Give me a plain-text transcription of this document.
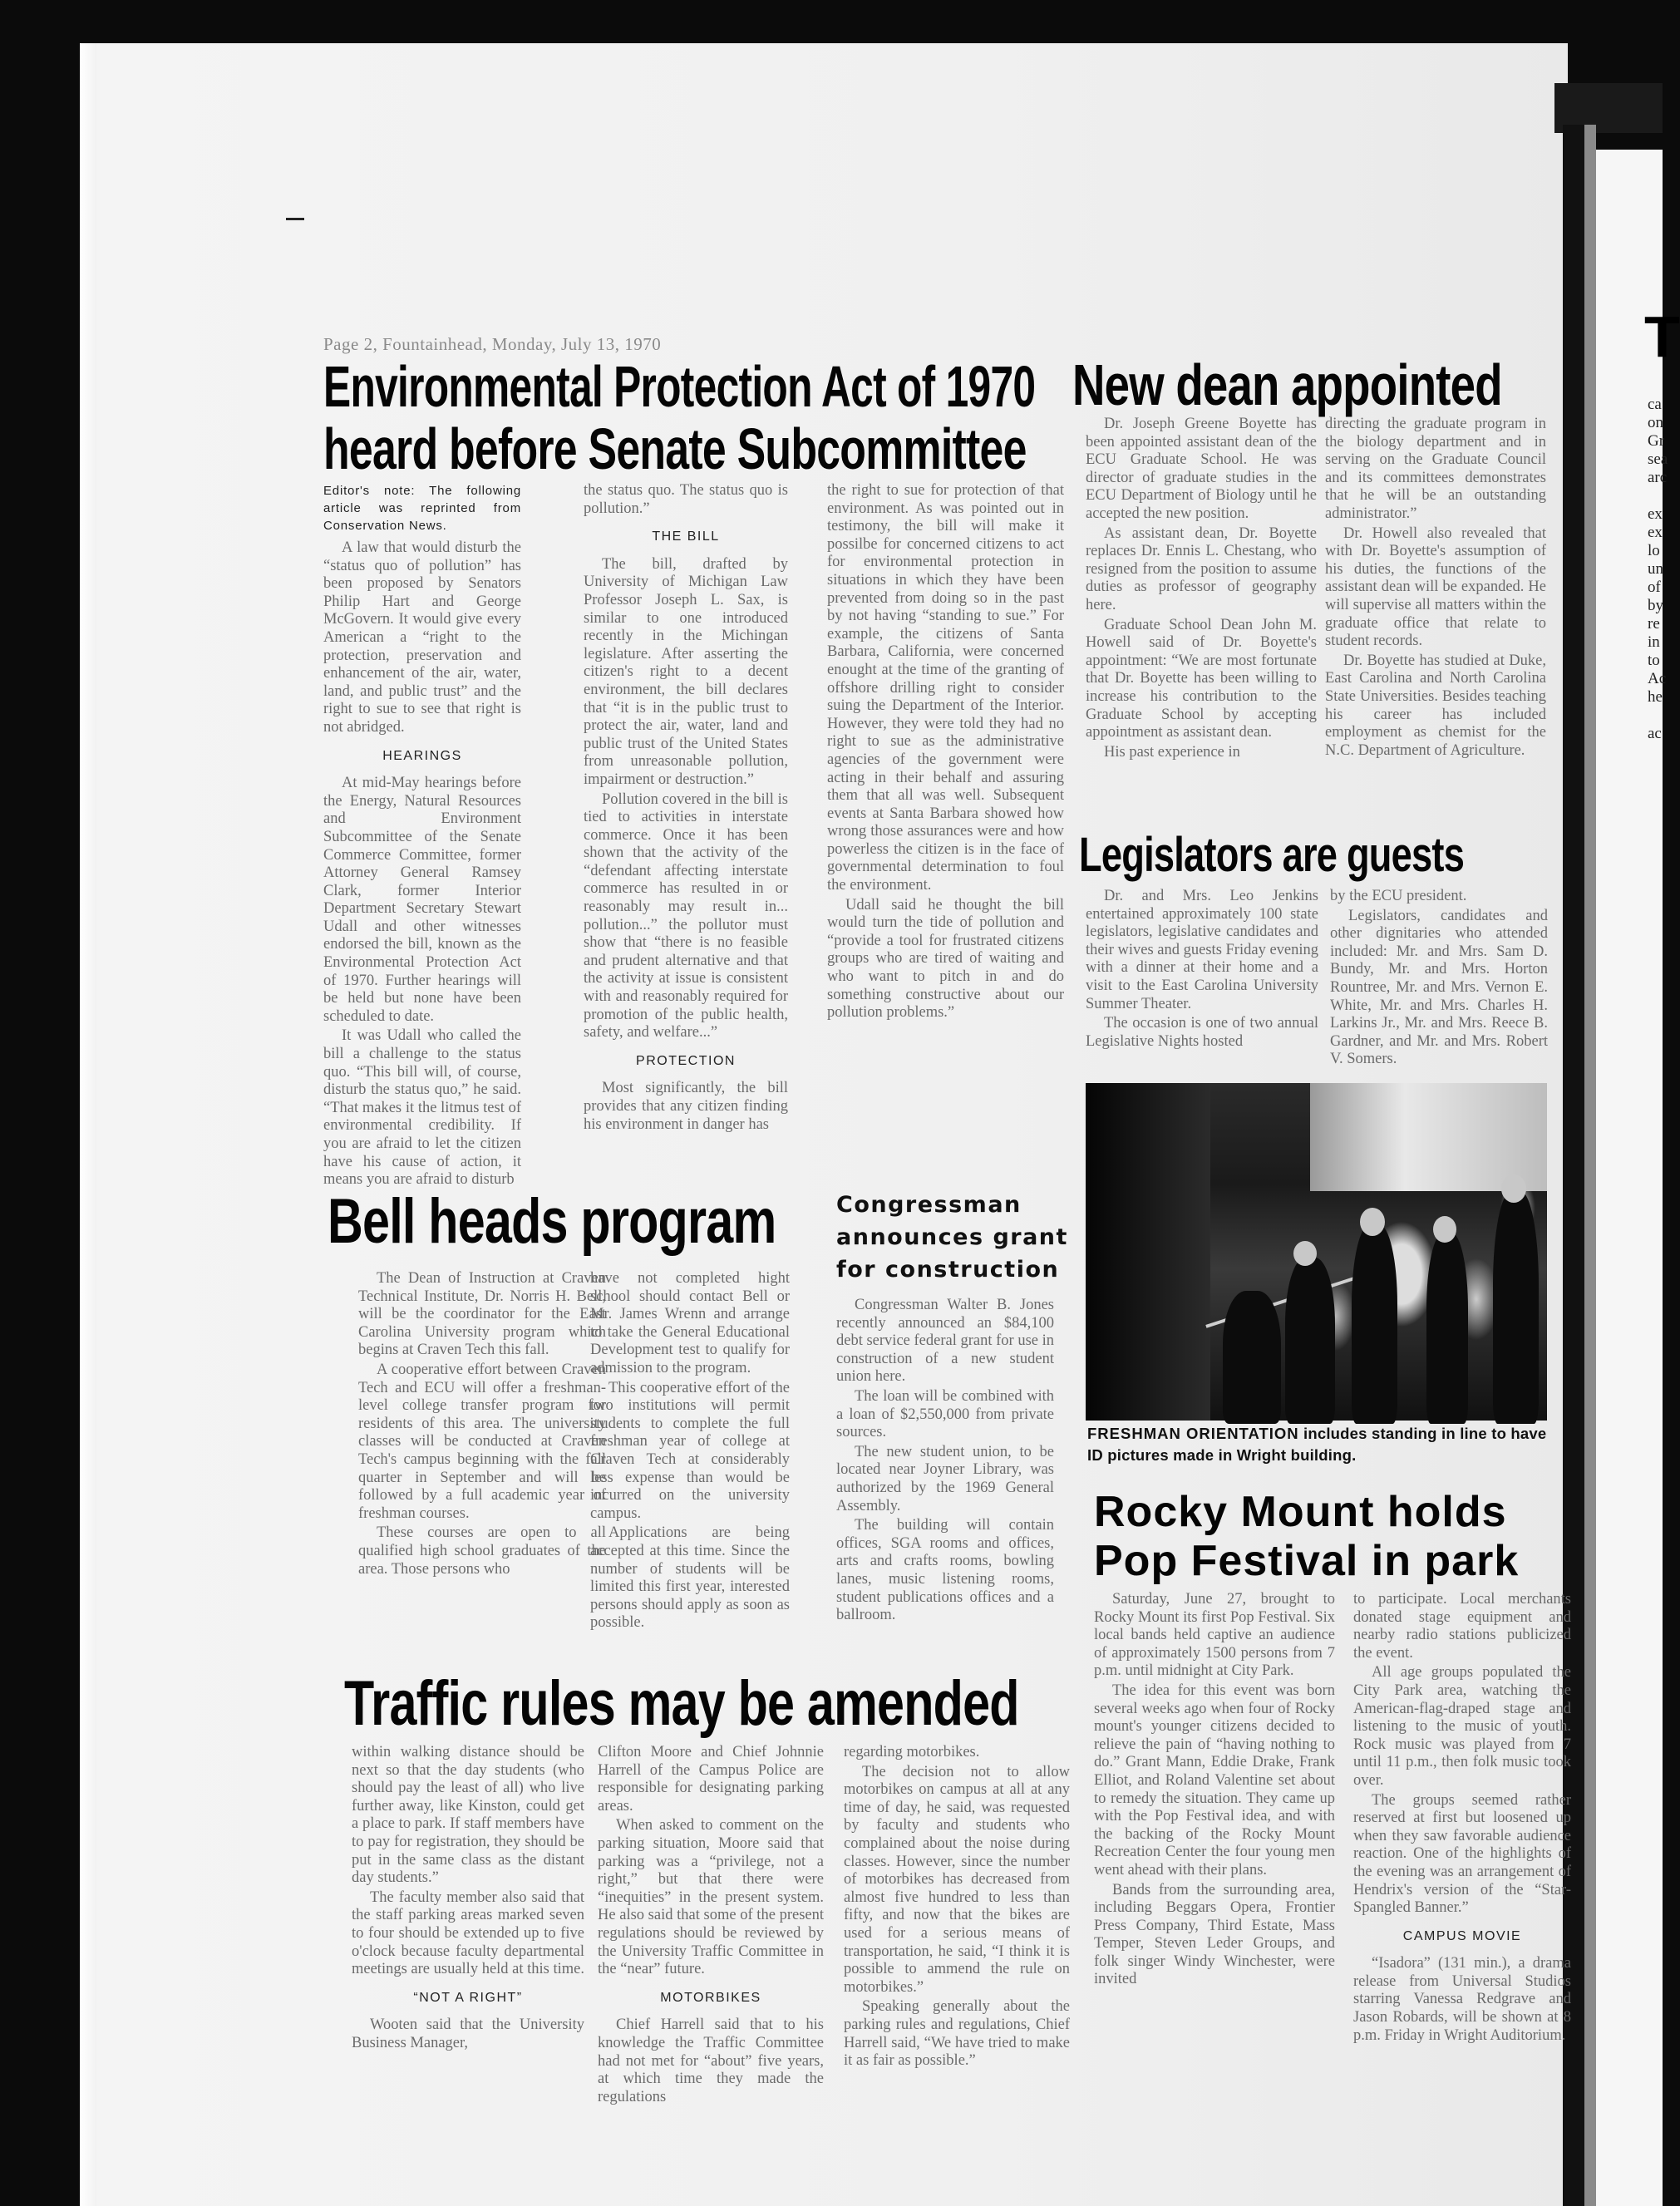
T
ca
on
Gr
sea
arc
ex
ex
lo
un
of
by
re
in
to
Ac
he
ac
Page 2, Fountainhead, Monday, July 13, 1970
Environmental Protection Act of 1970
heard before Senate Subcommittee
New dean appointed
Legislators are guests
Bell heads program
Traffic rules may be amended
Rocky Mount holds
Pop Festival in park
Congressman
announces grant
for construction

Editor's note: The following article was reprinted from Conservation News.

A law that would disturb the “status quo of pollution” has been proposed by Senators Philip Hart and George McGovern. It would give every American a “right to the protection, preservation and enhancement of the air, water, land, and public trust” and the right to sue to see that right is not abridged.

HEARINGS

At mid-May hearings before the Energy, Natural Resources and Environment Subcommittee of the Senate Commerce Committee, former Attorney General Ramsey Clark, former Interior Department Secretary Stewart Udall and other witnesses endorsed the bill, known as the Environmental Protection Act of 1970. Further hearings will be held but none have been scheduled to date.

It was Udall who called the bill a challenge to the status quo. “This bill will, of course, disturb the status quo,” he said. “That makes it the litmus test of environmental credibility. If you are afraid to let the citizen have his cause of action, it means you are afraid to disturb

the status quo. The status quo is pollution.”

THE BILL

The bill, drafted by University of Michigan Law Professor Joseph L. Sax, is similar to one introduced recently in the Michingan legislature. After asserting the citizen's right to a decent environment, the bill declares that “it is in the public trust to protect the air, water, land and public trust of the United States from unreasonable pollution, impairment or destruction.”

Pollution covered in the bill is tied to activities in interstate commerce. Once it has been shown that the activity of the “defendant affecting interstate commerce has resulted in or reasonably may result in... pollution...” the pollutor must show that “there is no feasible and prudent alternative and that the activity at issue is consistent with and reasonably required for promotion of the public health, safety, and welfare...”

PROTECTION

Most significantly, the bill provides that any citizen finding his environment in danger has

the right to sue for protection of that environment. As was pointed out in testimony, the bill will make it possilbe for concerned citizens to act for environmental protection in situations in which they have been prevented from doing so in the past by not having “standing to sue.” For example, the citizens of Santa Barbara, California, were concerned enought at the time of the granting of offshore drilling right to consider suing the Department of the Interior. However, they were told they had no right to sue as the administrative agencies of the government were acting in their behalf and assuring them that all was well. Subsequent events at Santa Barbara showed how wrong those assurances were and how powerless the citizen is in the face of governmental determination to foul the environment.

Udall said he thought the bill would turn the tide of pollution and “provide a tool for frustrated citizens groups who are tired of waiting and who want to pitch in and do something constructive about our pollution problems.”

Dr. Joseph Greene Boyette has been appointed assistant dean of the ECU Graduate School. He was director of graduate studies in the ECU Department of Biology until he accepted the new position.

As assistant dean, Dr. Boyette replaces Dr. Ennis L. Chestang, who resigned from the position to assume duties as professor of geography here.

Graduate School Dean John M. Howell said of Dr. Boyette's appointment: “We are most fortunate that Dr. Boyette has been willing to increase his contribution to the Graduate School by accepting appointment as assistant dean.

His past experience in

directing the graduate program in the biology department and in serving on the Graduate Council and its committees demonstrates that he will be an outstanding administrator.”

Dr. Howell also revealed that with Dr. Boyette's assumption of his duties, the functions of the assistant dean will be expanded. He will supervise all matters within the graduate office that relate to student records.

Dr. Boyette has studied at Duke, East Carolina and North Carolina State Universities. Besides teaching his career has included employment as chemist for the N.C. Department of Agriculture.

Dr. and Mrs. Leo Jenkins entertained approximately 100 state legislators, legislative candidates and their wives and guests Friday evening with a dinner at their home and a visit to the East Carolina University Summer Theater.

The occasion is one of two annual Legislative Nights hosted

by the ECU president.

Legislators, candidates and other dignitaries who attended included: Mr. and Mrs. Sam D. Bundy, Mr. and Mrs. Horton Rountree, Mr. and Mrs. Vernon E. White, Mr. and Mrs. Charles H. Larkins Jr., Mr. and Mrs. Reece B. Gardner, and Mr. and Mrs. Robert V. Somers.

The Dean of Instruction at Craven Technical Institute, Dr. Norris H. Bell, will be the coordinator for the East Carolina University program which begins at Craven Tech this fall.

A cooperative effort between Craven Tech and ECU will offer a freshman-level college transfer program for residents of this area. The university classes will be conducted at Craven Tech's campus beginning with the fall quarter in September and will be followed by a full academic year of freshman courses.

These courses are open to all qualified high school graduates of the area. Those persons who

have not completed hight school should contact Bell or Mr. James Wrenn and arrange to take the General Educational Development test to qualify for admission to the program.

This cooperative effort of the two institutions will permit students to complete the full freshman year of college at Craven Tech at considerably less expense than would be incurred on the university campus.

Applications are being accepted at this time. Since the number of students will be limited this first year, interested persons should apply as soon as possible.

Congressman Walter B. Jones recently announced an $84,100 debt service federal grant for use in construction of a new student union here.

The loan will be combined with a loan of $2,550,000 from private sources.

The new student union, to be located near Joyner Library, was authorized by the 1969 General Assembly.

The building will contain offices, SGA rooms and offices, arts and crafts rooms, bowling lanes, music listening rooms, student publications offices and a ballroom.

Saturday, June 27, brought to Rocky Mount its first Pop Festival. Six local bands held captive an audience of approximately 1500 persons from 7 p.m. until midnight at City Park.

The idea for this event was born several weeks ago when four of Rocky mount's younger citizens decided to relieve the pain of “having nothing to do.” Grant Mann, Eddie Drake, Frank Elliot, and Roland Valentine set about to remedy the situation. They came up with the Pop Festival idea, and with the backing of the Rocky Mount Recreation Center the four young men went ahead with their plans.

Bands from the surrounding area, including Beggars Opera, Frontier Press Company, Third Estate, Mass Temper, Steven Leder Groups, and folk singer Windy Winchester, were invited

to participate. Local merchants donated stage equipment and nearby radio stations publicized the event.

All age groups populated the City Park area, watching the American-flag-draped stage and listening to the music of youth. Rock music was played from 7 until 11 p.m., then folk music took over.

The groups seemed rather reserved at first but loosened up when they saw favorable audience reaction. One of the highlights of the evening was an arrangement of Hendrix's version of the “Star-Spangled Banner.”

CAMPUS MOVIE

“Isadora” (131 min.), a drama release from Universal Studios starring Vanessa Redgrave and Jason Robards, will be shown at 8 p.m. Friday in Wright Auditorium.

within walking distance should be next so that the day students (who should pay the least of all) who live further away, like Kinston, could get a place to park. If staff members have to pay for registration, they should be put in the same class as the distant day students.”

The faculty member also said that the staff parking areas marked seven to four should be extended up to five o'clock because faculty departmental meetings are usually held at this time.

“NOT A RIGHT”

Wooten said that the University Business Manager,

Clifton Moore and Chief Johnnie Harrell of the Campus Police are responsible for designating parking areas.

When asked to comment on the parking situation, Moore said that parking was a “privilege, not a right,” but that there were “inequities” in the present system. He also said that some of the present regulations should be reviewed by the University Traffic Committee in the “near” future.

MOTORBIKES

Chief Harrell said that to his knowledge the Traffic Committee had not met for “about” five years, at which time they made the regulations

regarding motorbikes.

The decision not to allow motorbikes on campus at all at any time of day, he said, was requested by faculty and students who complained about the noise during classes. However, since the number of motorbikes has decreased from almost five hundred to less than fifty, and now that the bikes are used for a serious means of transportation, he said, “I think it is possible to ammend the rule on motorbikes.”

Speaking generally about the parking rules and regulations, Chief Harrell said, “We have tried to make it as fair as possible.”

FRESHMAN ORIENTATION includes standing in line to have ID pictures made in Wright building.
